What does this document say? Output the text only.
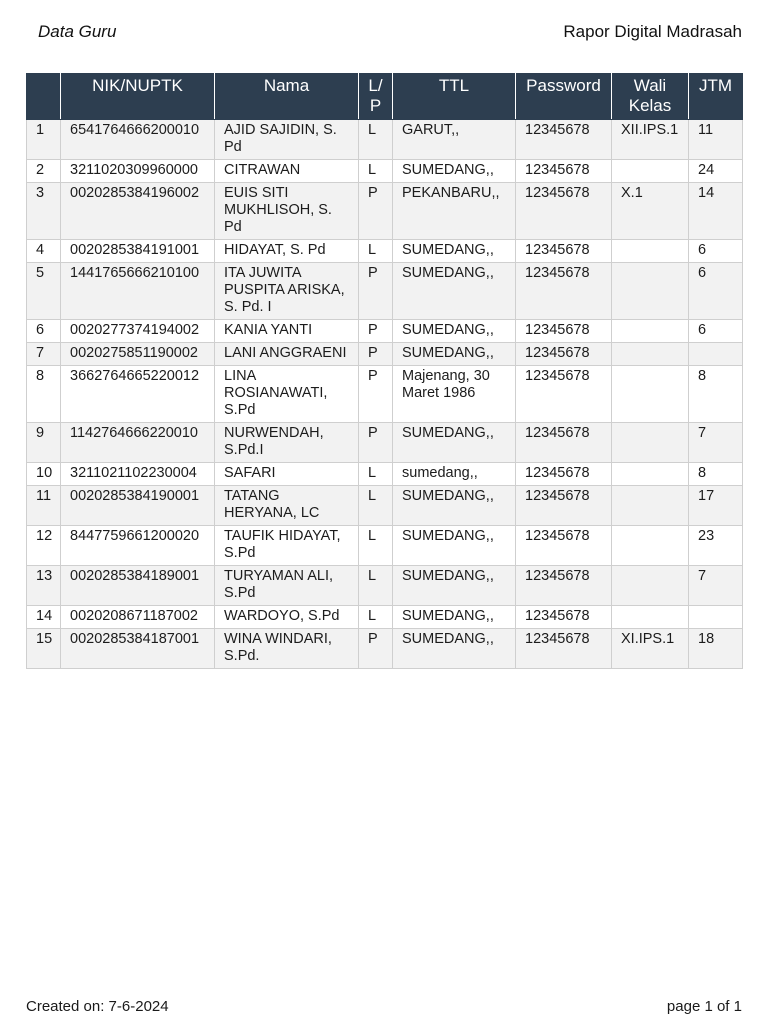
Data Guru	Rapor Digital Madrasah
	NIK/NUPTK	Nama	L/
P	TTL	Password	Wali
Kelas	JTM
1	6541764666200010	AJID SAJIDIN, S.
Pd	L	GARUT,,	12345678	XII.IPS.1	11
2	3211020309960000	CITRAWAN	L	SUMEDANG,,	12345678		24
3	0020285384196002	EUIS SITI
MUKHLISOH, S.
Pd	P	PEKANBARU,,	12345678	X.1	14
4	0020285384191001	HIDAYAT, S. Pd	L	SUMEDANG,,	12345678		6
5	1441765666210100	ITA JUWITA
PUSPITA ARISKA,
S. Pd. I	P	SUMEDANG,,	12345678		6
6	0020277374194002	KANIA YANTI	P	SUMEDANG,,	12345678		6
7	0020275851190002	LANI ANGGRAENI	P	SUMEDANG,,	12345678		
8	3662764665220012	LINA
ROSIANAWATI,
S.Pd	P	Majenang, 30
Maret 1986	12345678		8
9	1142764666220010	NURWENDAH,
S.Pd.I	P	SUMEDANG,,	12345678		7
10	3211021102230004	SAFARI	L	sumedang,,	12345678		8
11	0020285384190001	TATANG
HERYANA, LC	L	SUMEDANG,,	12345678		17
12	8447759661200020	TAUFIK HIDAYAT,
S.Pd	L	SUMEDANG,,	12345678		23
13	0020285384189001	TURYAMAN ALI,
S.Pd	L	SUMEDANG,,	12345678		7
14	0020208671187002	WARDOYO, S.Pd	L	SUMEDANG,,	12345678		
15	0020285384187001	WINA WINDARI,
S.Pd.	P	SUMEDANG,,	12345678	XI.IPS.1	18
Created on: 7-6-2024	page 1 of 1
